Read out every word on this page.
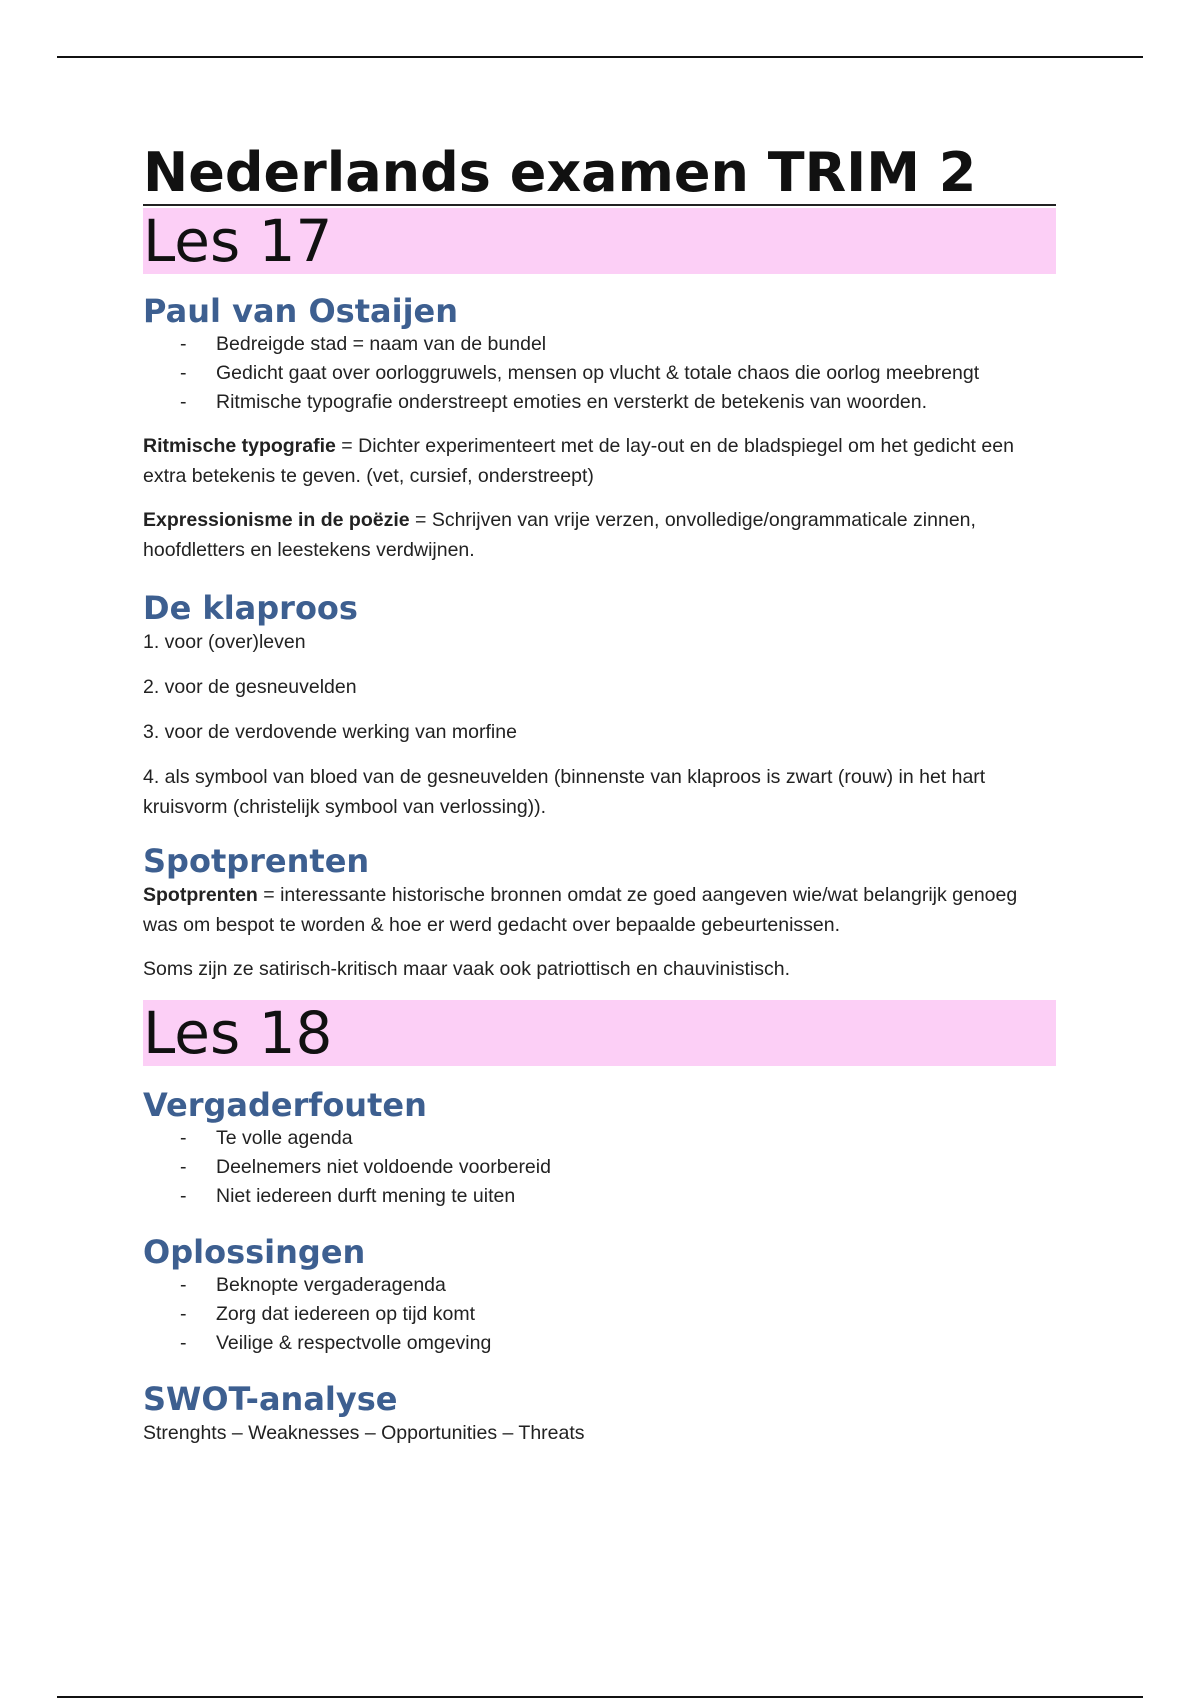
Nederlands examen TRIM 2
Les 17
Paul van Ostaijen
- Bedreigde stad = naam van de bundel
- Gedicht gaat over oorloggruwels, mensen op vlucht & totale chaos die oorlog meebrengt
- Ritmische typografie onderstreept emoties en versterkt de betekenis van woorden.

Ritmische typografie = Dichter experimenteert met de lay-out en de bladspiegel om het gedicht een extra betekenis te geven. (vet, cursief, onderstreept)

Expressionisme in de poëzie = Schrijven van vrije verzen, onvolledige/ongrammaticale zinnen, hoofdletters en leestekens verdwijnen.

De klaproos

1. voor (over)leven

2. voor de gesneuvelden

3. voor de verdovende werking van morfine

4. als symbool van bloed van de gesneuvelden (binnenste van klaproos is zwart (rouw) in het hart kruisvorm (christelijk symbool van verlossing)).

Spotprenten

Spotprenten = interessante historische bronnen omdat ze goed aangeven wie/wat belangrijk genoeg was om bespot te worden & hoe er werd gedacht over bepaalde gebeurtenissen.

Soms zijn ze satirisch-kritisch maar vaak ook patriottisch en chauvinistisch.

Les 18
Vergaderfouten
- Te volle agenda
- Deelnemers niet voldoende voorbereid
- Niet iedereen durft mening te uiten
Oplossingen
- Beknopte vergaderagenda
- Zorg dat iedereen op tijd komt
- Veilige & respectvolle omgeving
SWOT-analyse

Strenghts – Weaknesses – Opportunities – Threats
